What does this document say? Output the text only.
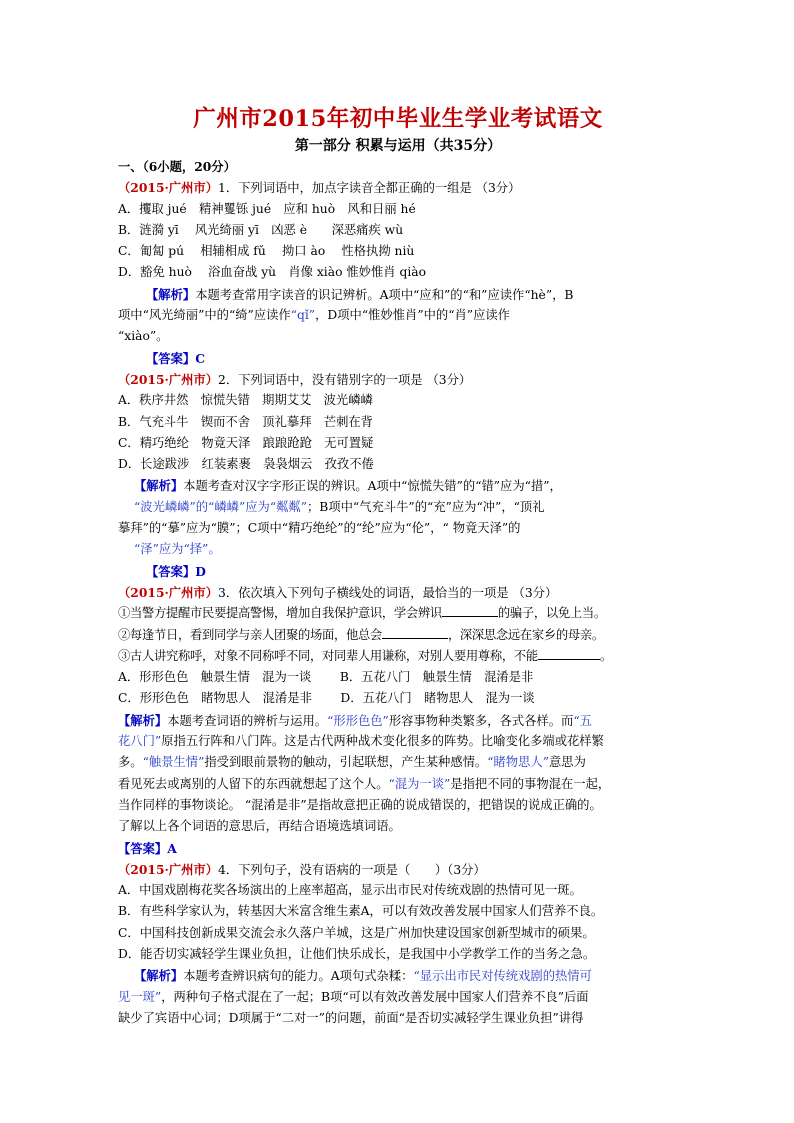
广州市2015年初中毕业生学业考试语文
第一部分 积累与运用（共35分）
一、（6小题，20分）
（2015·广州市）1．下列词语中，加点字读音全都正确的一组是 （3分）
A．攫取 jué　精神矍铄 jué　应和 huò　风和日丽 hé
B．涟漪 yī　 风光绮丽 yī　凶恶 è　　深恶痛疾 wù
C．匍匐 pú　 相辅相成 fǔ　 拗口 ào　 性格执拗 niù
D．豁免 huò　 浴血奋战 yù　肖像 xiào 惟妙惟肖 qiào
【解析】本题考查常用字读音的识记辨析。A项中“应和”的“和”应读作“hè”，B
项中“风光绮丽”中的“绮”应读作“qǐ”，D项中“惟妙惟肖”中的“肖”应读作
“xiào”。
【答案】C
（2015·广州市）2．下列词语中，没有错别字的一项是 （3分）
A．秩序井然　惊慌失错　期期艾艾　波光嶙嶙
B．气充斗牛　锲而不舍　顶礼摹拜　芒刺在背
C．精巧绝纶　物竟天泽　踉踉跄跄　无可置疑
D．长途跋涉　红装素裹　袅袅烟云　孜孜不倦
【解析】本题考查对汉字字形正误的辨识。A项中“惊慌失错”的“错”应为“措”，
“波光嶙嶙”的“嶙嶙”应为“粼粼”；B项中“气充斗牛”的“充”应为“冲”，“顶礼
摹拜”的“摹”应为“膜”；C项中“精巧绝纶”的“纶”应为“伦”，“ 物竟天泽”的
“泽”应为“择”。
【答案】D
（2015·广州市）3．依次填入下列句子横线处的词语，最恰当的一项是 （3分）
①当警方提醒市民要提高警惕，增加自我保护意识，学会辨识	的骗子，以免上当。
②每逢节日，看到同学与亲人团聚的场面，他总会	，深深思念远在家乡的母亲。
③古人讲究称呼，对象不同称呼不同，对同辈人用谦称，对别人要用尊称，不能	。
A．形形色色　触景生情　混为一谈　　 B．五花八门　触景生情　混淆是非
C．形形色色　睹物思人　混淆是非　　 D．五花八门　睹物思人　混为一谈
【解析】本题考查词语的辨析与运用。“形形色色”形容事物种类繁多，各式各样。而“五
花八门”原指五行阵和八门阵。这是古代两种战术变化很多的阵势。比喻变化多端或花样繁
多。“触景生情”指受到眼前景物的触动，引起联想，产生某种感情。“睹物思人”意思为
看见死去或离别的人留下的东西就想起了这个人。“混为一谈”是指把不同的事物混在一起，
当作同样的事物谈论。 “混淆是非”是指故意把正确的说成错误的，把错误的说成正确的。
了解以上各个词语的意思后，再结合语境选填词语。
【答案】A
（2015·广州市）4．下列句子，没有语病的一项是（　　）（3分）
A．中国戏剧梅花奖各场演出的上座率超高，显示出市民对传统戏剧的热情可见一斑。
B．有些科学家认为，转基因大米富含维生素A，可以有效改善发展中国家人们营养不良。
C．中国科技创新成果交流会永久落户羊城，这是广州加快建设国家创新型城市的硕果。
D．能否切实减轻学生课业负担，让他们快乐成长，是我国中小学教学工作的当务之急。
【解析】本题考查辨识病句的能力。A项句式杂糅：“显示出市民对传统戏剧的热情可
见一斑”，两种句子格式混在了一起；B项“可以有效改善发展中国家人们营养不良”后面
缺少了宾语中心词；D项属于“二对一”的问题，前面“是否切实减轻学生课业负担”讲得
